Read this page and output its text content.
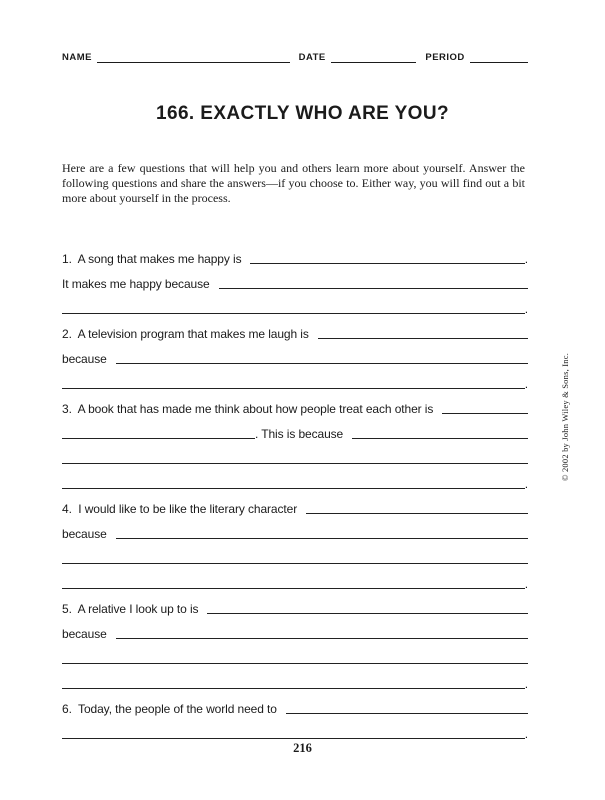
NAME	DATE	PERIOD
166. EXACTLY WHO ARE YOU?
Here are a few questions that will help you and others learn more about yourself. Answer the following questions and share the answers—if you choose to. Either way, you will find out a bit more about yourself in the process.
1.  A song that makes me happy is	.
It makes me happy because
.
2.  A television program that makes me laugh is
because
.
3.  A book that has made me think about how people treat each other is
. This is because
.
4.  I would like to be like the literary character
because
.
5.  A relative I look up to is
because
.
6.  Today, the people of the world need to
.
© 2002 by John Wiley & Sons, Inc.
216
